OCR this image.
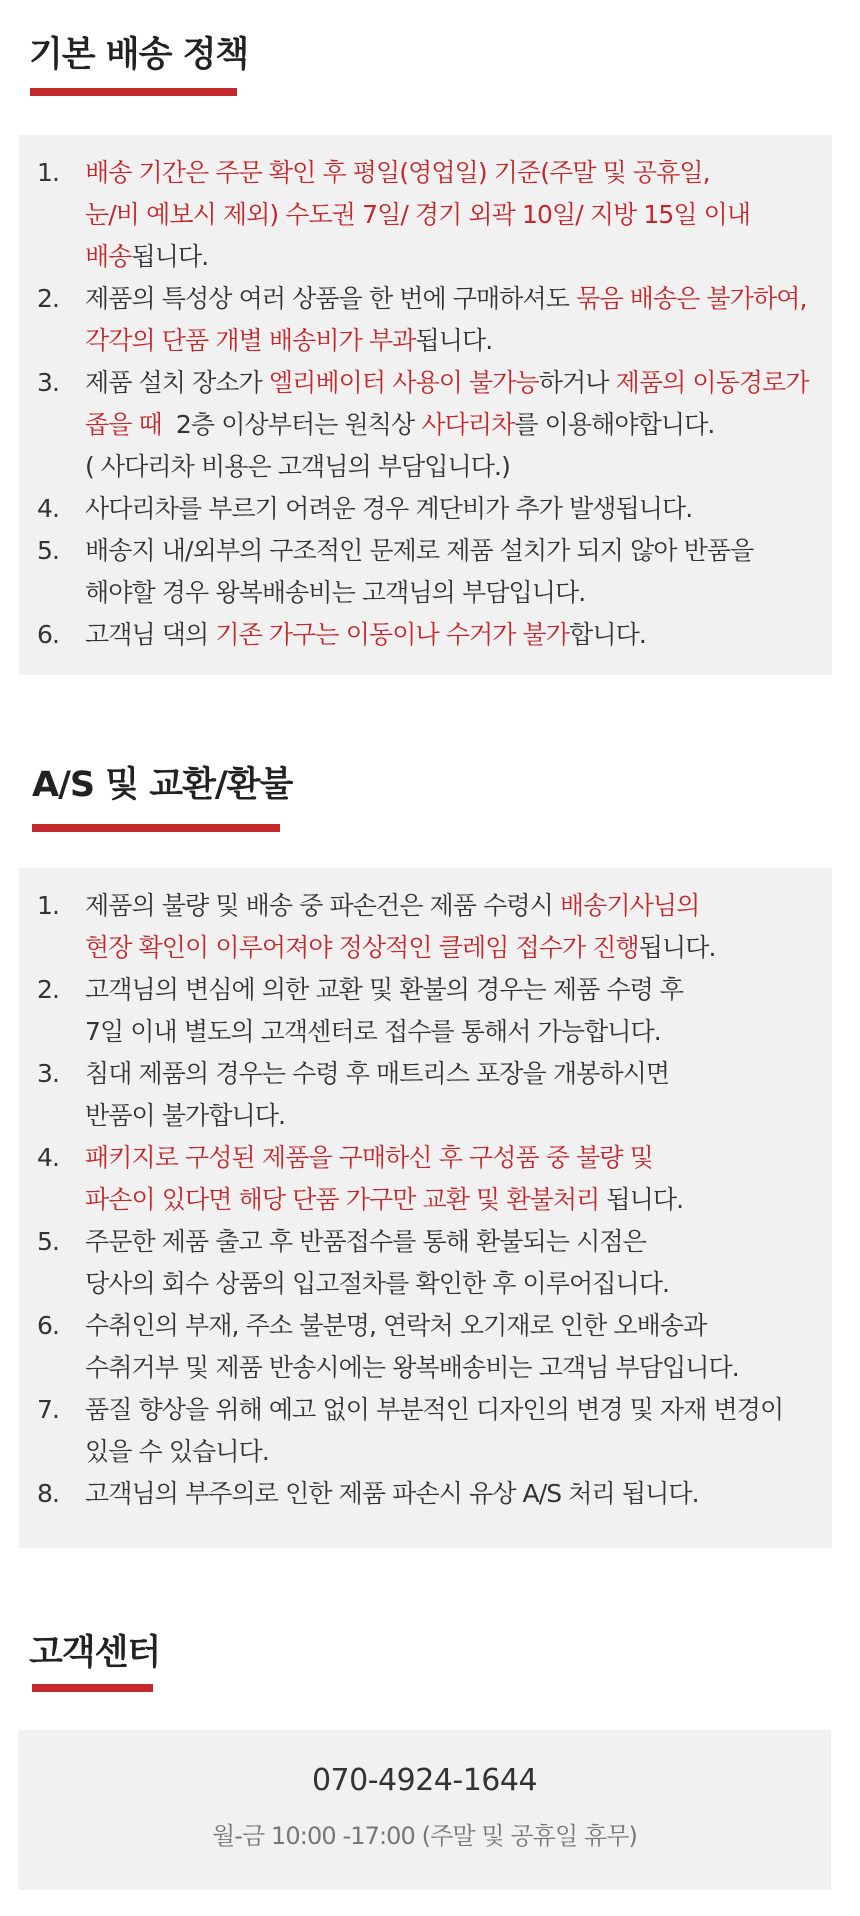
기본 배송 정책
1. 배송 기간은 주문 확인 후 평일(영업일) 기준(주말 및 공휴일,
눈/비 예보시 제외) 수도권 7일/ 경기 외곽 10일/ 지방 15일 이내
배송됩니다.
2. 제품의 특성상 여러 상품을 한 번에 구매하셔도 묶음 배송은 불가하여,
각각의 단품 개별 배송비가 부과됩니다.
3. 제품 설치 장소가 엘리베이터 사용이 불가능하거나 제품의 이동경로가
좁을 때  2층 이상부터는 원칙상 사다리차를 이용해야합니다.
( 사다리차 비용은 고객님의 부담입니다.)
4. 사다리차를 부르기 어려운 경우 계단비가 추가 발생됩니다.
5. 배송지 내/외부의 구조적인 문제로 제품 설치가 되지 않아 반품을
해야할 경우 왕복배송비는 고객님의 부담입니다.
6. 고객님 댁의 기존 가구는 이동이나 수거가 불가합니다.
A/S 및 교환/환불
1. 제품의 불량 및 배송 중 파손건은 제품 수령시 배송기사님의
현장 확인이 이루어져야 정상적인 클레임 접수가 진행됩니다.
2. 고객님의 변심에 의한 교환 및 환불의 경우는 제품 수령 후
7일 이내 별도의 고객센터로 접수를 통해서 가능합니다.
3. 침대 제품의 경우는 수령 후 매트리스 포장을 개봉하시면
반품이 불가합니다.
4. 패키지로 구성된 제품을 구매하신 후 구성품 중 불량 및
파손이 있다면 해당 단품 가구만 교환 및 환불처리 됩니다.
5. 주문한 제품 출고 후 반품접수를 통해 환불되는 시점은
당사의 회수 상품의 입고절차를 확인한 후 이루어집니다.
6. 수취인의 부재, 주소 불분명, 연락처 오기재로 인한 오배송과
수취거부 및 제품 반송시에는 왕복배송비는 고객님 부담입니다.
7. 품질 향상을 위해 예고 없이 부분적인 디자인의 변경 및 자재 변경이
있을 수 있습니다.
8. 고객님의 부주의로 인한 제품 파손시 유상 A/S 처리 됩니다.
고객센터
070-4924-1644
월-금 10:00 -17:00 (주말 및 공휴일 휴무)
